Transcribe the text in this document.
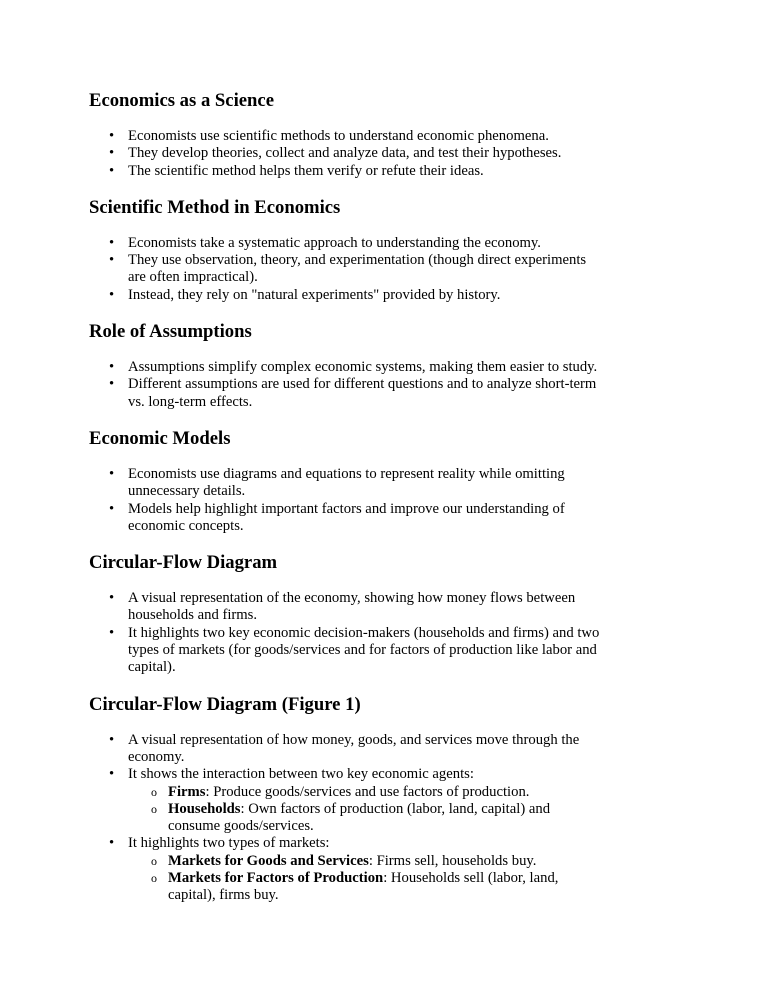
Economics as a Science
• Economists use scientific methods to understand economic phenomena.
• They develop theories, collect and analyze data, and test their hypotheses.
• The scientific method helps them verify or refute their ideas.
Scientific Method in Economics
• Economists take a systematic approach to understanding the economy.
• They use observation, theory, and experimentation (though direct experiments are often impractical).
• Instead, they rely on "natural experiments" provided by history.
Role of Assumptions
• Assumptions simplify complex economic systems, making them easier to study.
• Different assumptions are used for different questions and to analyze short-term vs. long-term effects.
Economic Models
• Economists use diagrams and equations to represent reality while omitting unnecessary details.
• Models help highlight important factors and improve our understanding of economic concepts.
Circular-Flow Diagram
• A visual representation of the economy, showing how money flows between households and firms.
• It highlights two key economic decision-makers (households and firms) and two types of markets (for goods/services and for factors of production like labor and capital).
Circular-Flow Diagram (Figure 1)
• A visual representation of how money, goods, and services move through the economy.
• It shows the interaction between two key economic agents:
o Firms: Produce goods/services and use factors of production.
o Households: Own factors of production (labor, land, capital) and consume goods/services.
• It highlights two types of markets:
o Markets for Goods and Services: Firms sell, households buy.
o Markets for Factors of Production: Households sell (labor, land, capital), firms buy.
